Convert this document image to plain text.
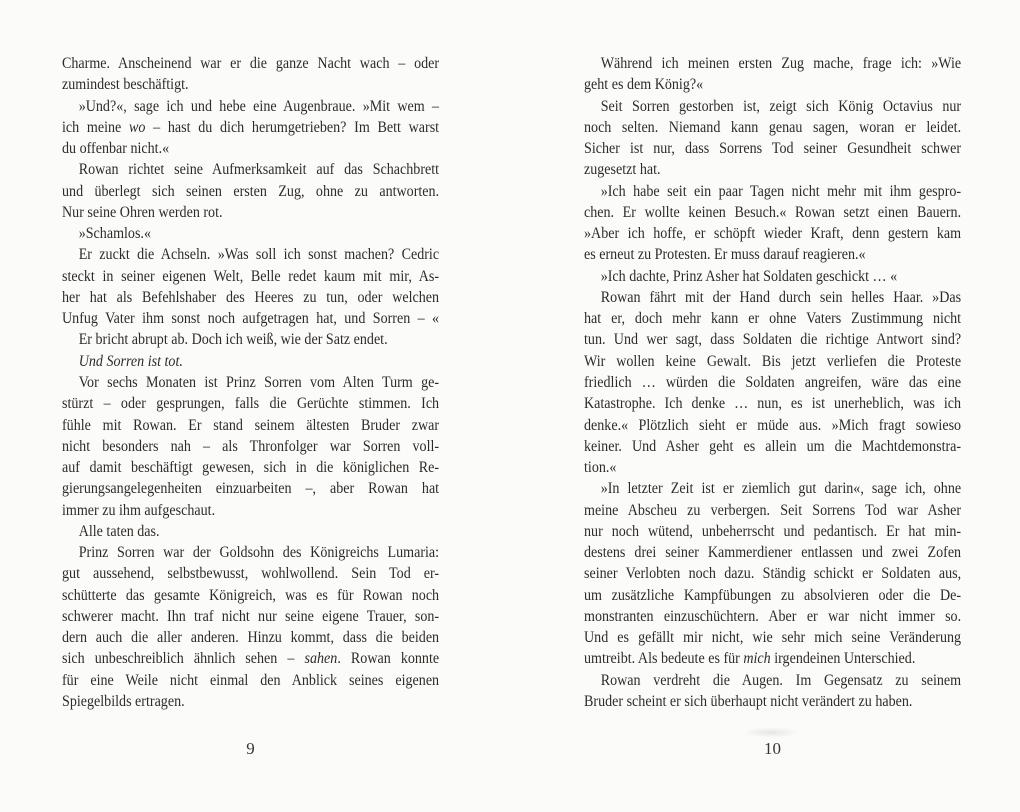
Charme. Anscheinend war er die ganze Nacht wach – oder
zumindest beschäftigt.
»Und?«, sage ich und hebe eine Augenbraue. »Mit wem –
ich meine wo – hast du dich herumgetrieben? Im Bett warst
du offenbar nicht.«
Rowan richtet seine Aufmerksamkeit auf das Schachbrett
und überlegt sich seinen ersten Zug, ohne zu antworten.
Nur seine Ohren werden rot.
»Schamlos.«
Er zuckt die Achseln. »Was soll ich sonst machen? Cedric
steckt in seiner eigenen Welt, Belle redet kaum mit mir, As-
her hat als Befehlshaber des Heeres zu tun, oder welchen
Unfug Vater ihm sonst noch aufgetragen hat, und Sorren – «
Er bricht abrupt ab. Doch ich weiß, wie der Satz endet.
Und Sorren ist tot.
Vor sechs Monaten ist Prinz Sorren vom Alten Turm ge-
stürzt – oder gesprungen, falls die Gerüchte stimmen. Ich
fühle mit Rowan. Er stand seinem ältesten Bruder zwar
nicht besonders nah – als Thronfolger war Sorren voll-
auf damit beschäftigt gewesen, sich in die königlichen Re-
gierungsangelegenheiten einzuarbeiten –, aber Rowan hat
immer zu ihm aufgeschaut.
Alle taten das.
Prinz Sorren war der Goldsohn des Königreichs Lumaria:
gut aussehend, selbstbewusst, wohlwollend. Sein Tod er-
schütterte das gesamte Königreich, was es für Rowan noch
schwerer macht. Ihn traf nicht nur seine eigene Trauer, son-
dern auch die aller anderen. Hinzu kommt, dass die beiden
sich unbeschreiblich ähnlich sehen – sahen. Rowan konnte
für eine Weile nicht einmal den Anblick seines eigenen
Spiegelbilds ertragen.
Während ich meinen ersten Zug mache, frage ich: »Wie
geht es dem König?«
Seit Sorren gestorben ist, zeigt sich König Octavius nur
noch selten. Niemand kann genau sagen, woran er leidet.
Sicher ist nur, dass Sorrens Tod seiner Gesundheit schwer
zugesetzt hat.
»Ich habe seit ein paar Tagen nicht mehr mit ihm gespro-
chen. Er wollte keinen Besuch.« Rowan setzt einen Bauern.
»Aber ich hoffe, er schöpft wieder Kraft, denn gestern kam
es erneut zu Protesten. Er muss darauf reagieren.«
»Ich dachte, Prinz Asher hat Soldaten geschickt … «
Rowan fährt mit der Hand durch sein helles Haar. »Das
hat er, doch mehr kann er ohne Vaters Zustimmung nicht
tun. Und wer sagt, dass Soldaten die richtige Antwort sind?
Wir wollen keine Gewalt. Bis jetzt verliefen die Proteste
friedlich … würden die Soldaten angreifen, wäre das eine
Katastrophe. Ich denke … nun, es ist unerheblich, was ich
denke.« Plötzlich sieht er müde aus. »Mich fragt sowieso
keiner. Und Asher geht es allein um die Machtdemonstra-
tion.«
»In letzter Zeit ist er ziemlich gut darin«, sage ich, ohne
meine Abscheu zu verbergen. Seit Sorrens Tod war Asher
nur noch wütend, unbeherrscht und pedantisch. Er hat min-
destens drei seiner Kammerdiener entlassen und zwei Zofen
seiner Verlobten noch dazu. Ständig schickt er Soldaten aus,
um zusätzliche Kampfübungen zu absolvieren oder die De-
monstranten einzuschüchtern. Aber er war nicht immer so.
Und es gefällt mir nicht, wie sehr mich seine Veränderung
umtreibt. Als bedeute es für mich irgendeinen Unterschied.
Rowan verdreht die Augen. Im Gegensatz zu seinem
Bruder scheint er sich überhaupt nicht verändert zu haben.
9	10
